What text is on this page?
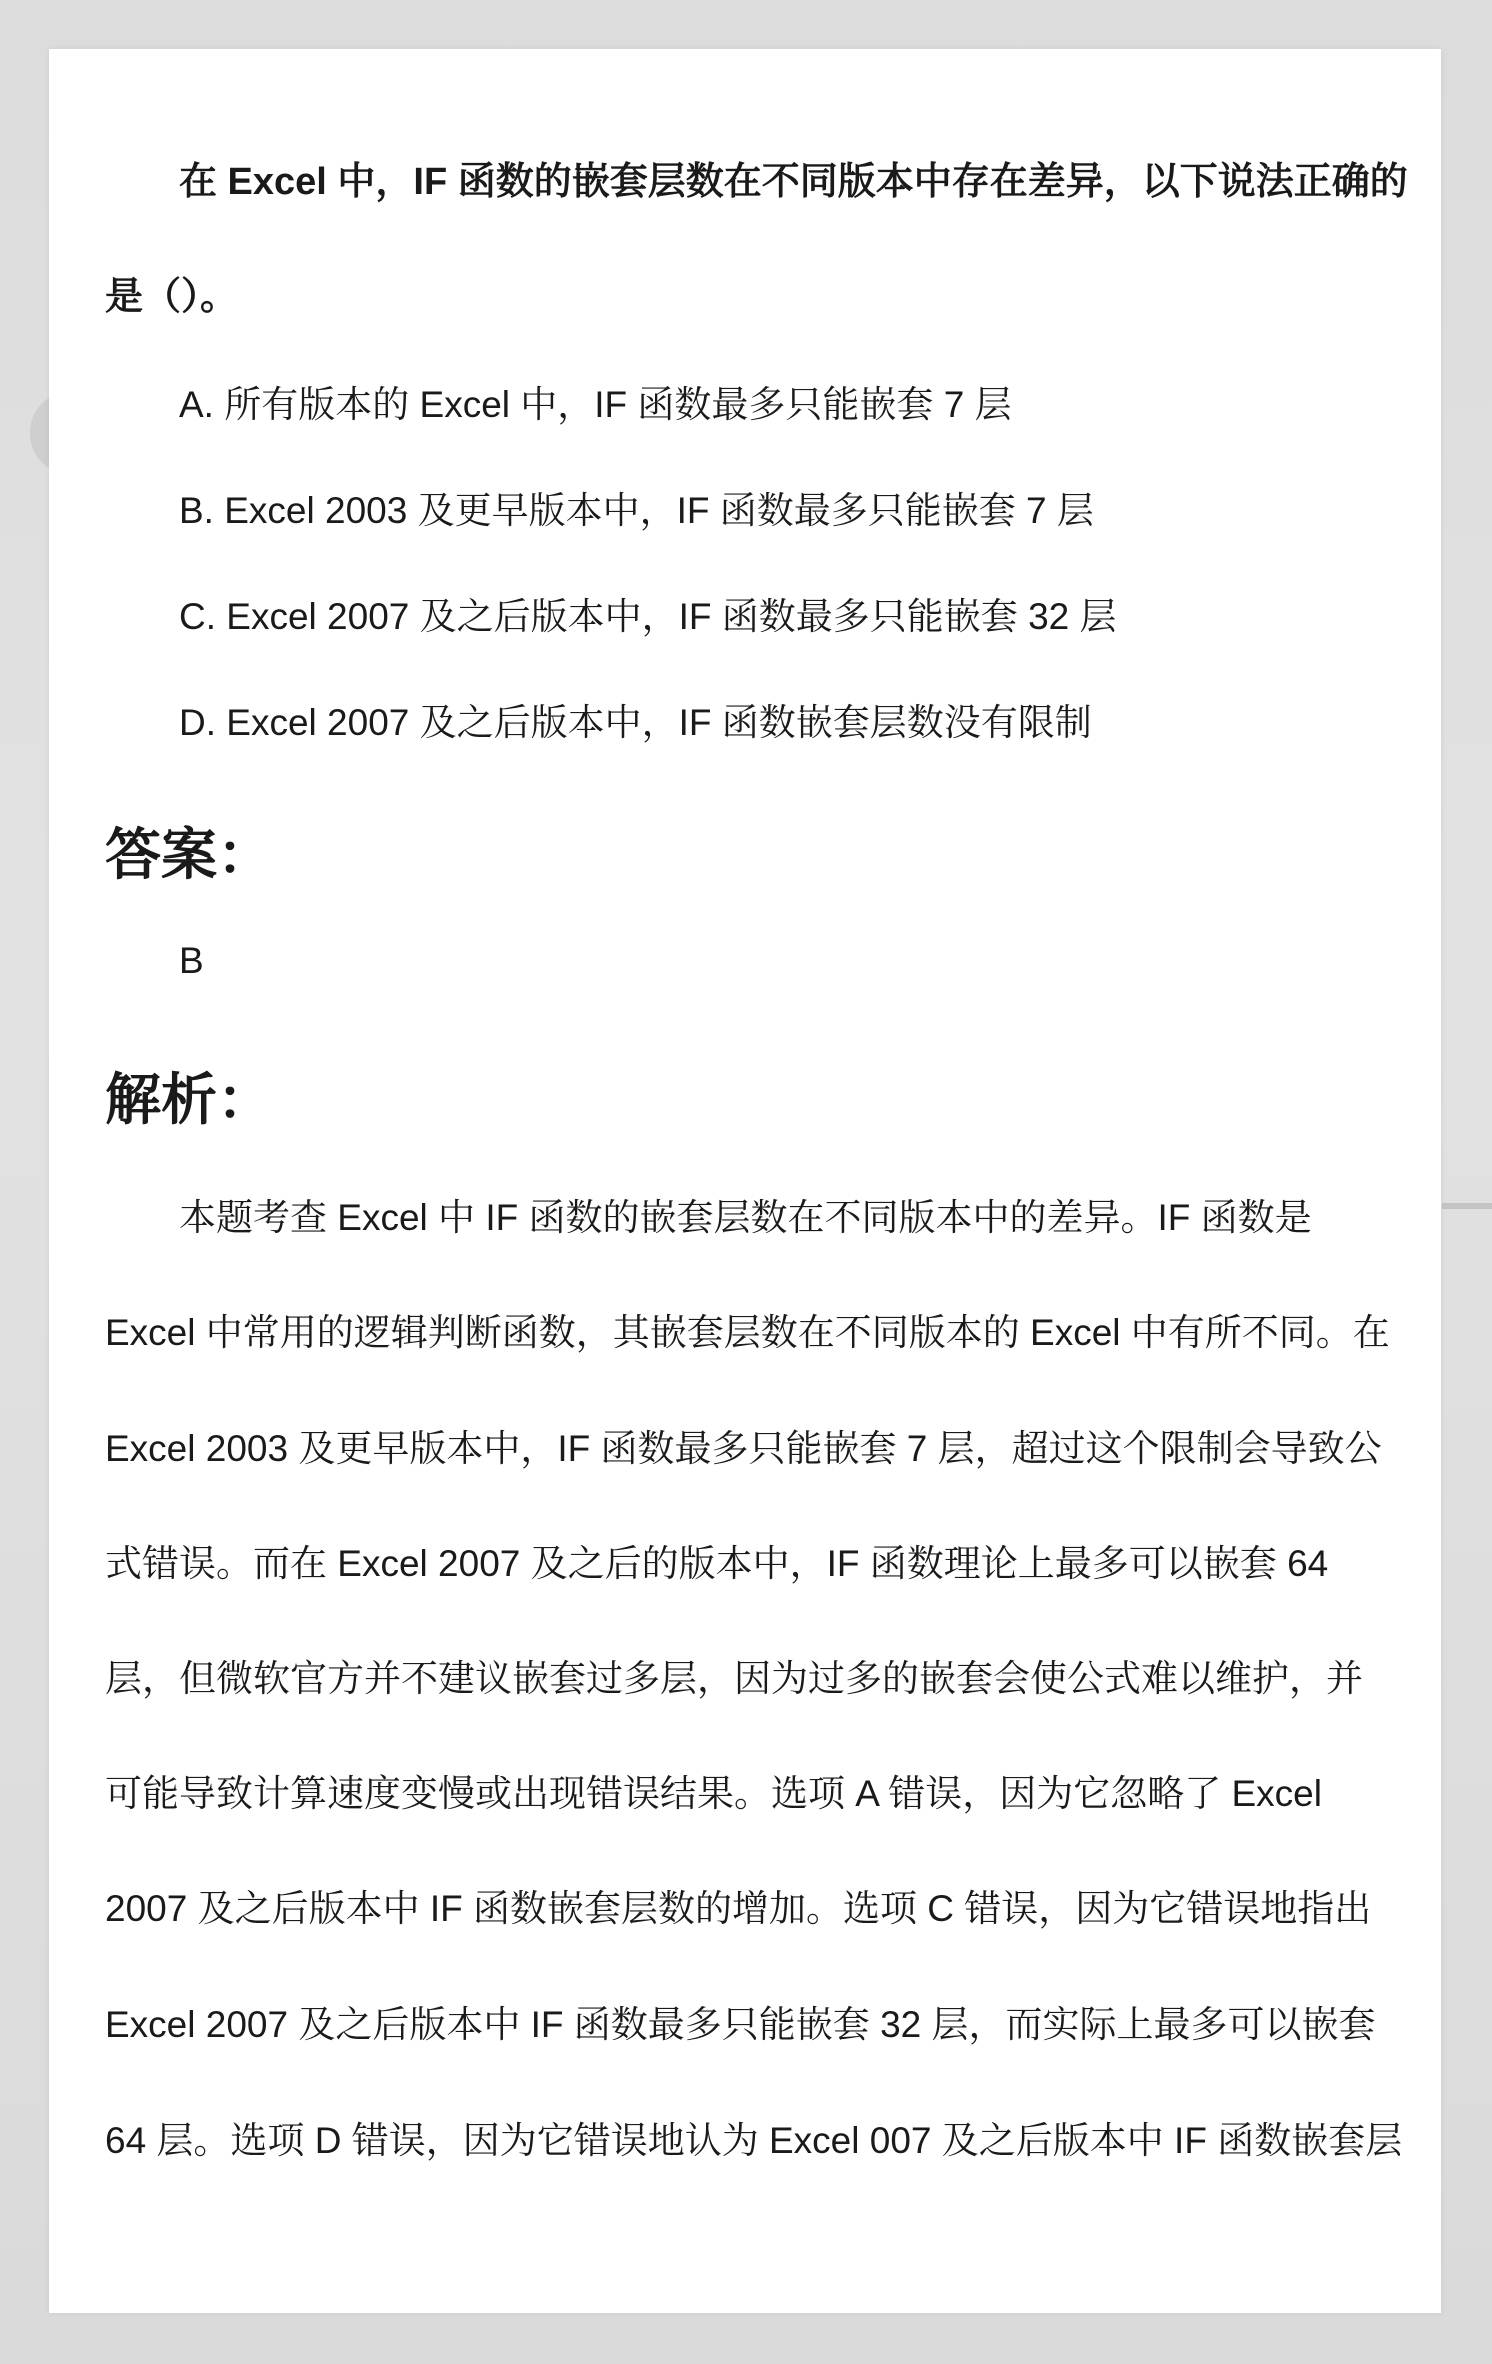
在 Excel 中，IF 函数的嵌套层数在不同版本中存在差异，以下说法正确的

是（）。

A. 所有版本的 Excel 中，IF 函数最多只能嵌套 7 层

B. Excel 2003 及更早版本中，IF 函数最多只能嵌套 7 层

C. Excel 2007 及之后版本中，IF 函数最多只能嵌套 32 层

D. Excel 2007 及之后版本中，IF 函数嵌套层数没有限制

答案：

B

解析：

本题考查 Excel 中 IF 函数的嵌套层数在不同版本中的差异。IF 函数是

Excel 中常用的逻辑判断函数，其嵌套层数在不同版本的 Excel 中有所不同。在

Excel 2003 及更早版本中，IF 函数最多只能嵌套 7 层，超过这个限制会导致公

式错误。而在 Excel 2007 及之后的版本中，IF 函数理论上最多可以嵌套 64

层，但微软官方并不建议嵌套过多层，因为过多的嵌套会使公式难以维护，并

可能导致计算速度变慢或出现错误结果。选项 A 错误，因为它忽略了 Excel

2007 及之后版本中 IF 函数嵌套层数的增加。选项 C 错误，因为它错误地指出

Excel 2007 及之后版本中 IF 函数最多只能嵌套 32 层，而实际上最多可以嵌套

64 层。选项 D 错误，因为它错误地认为 Excel 007 及之后版本中 IF 函数嵌套层
